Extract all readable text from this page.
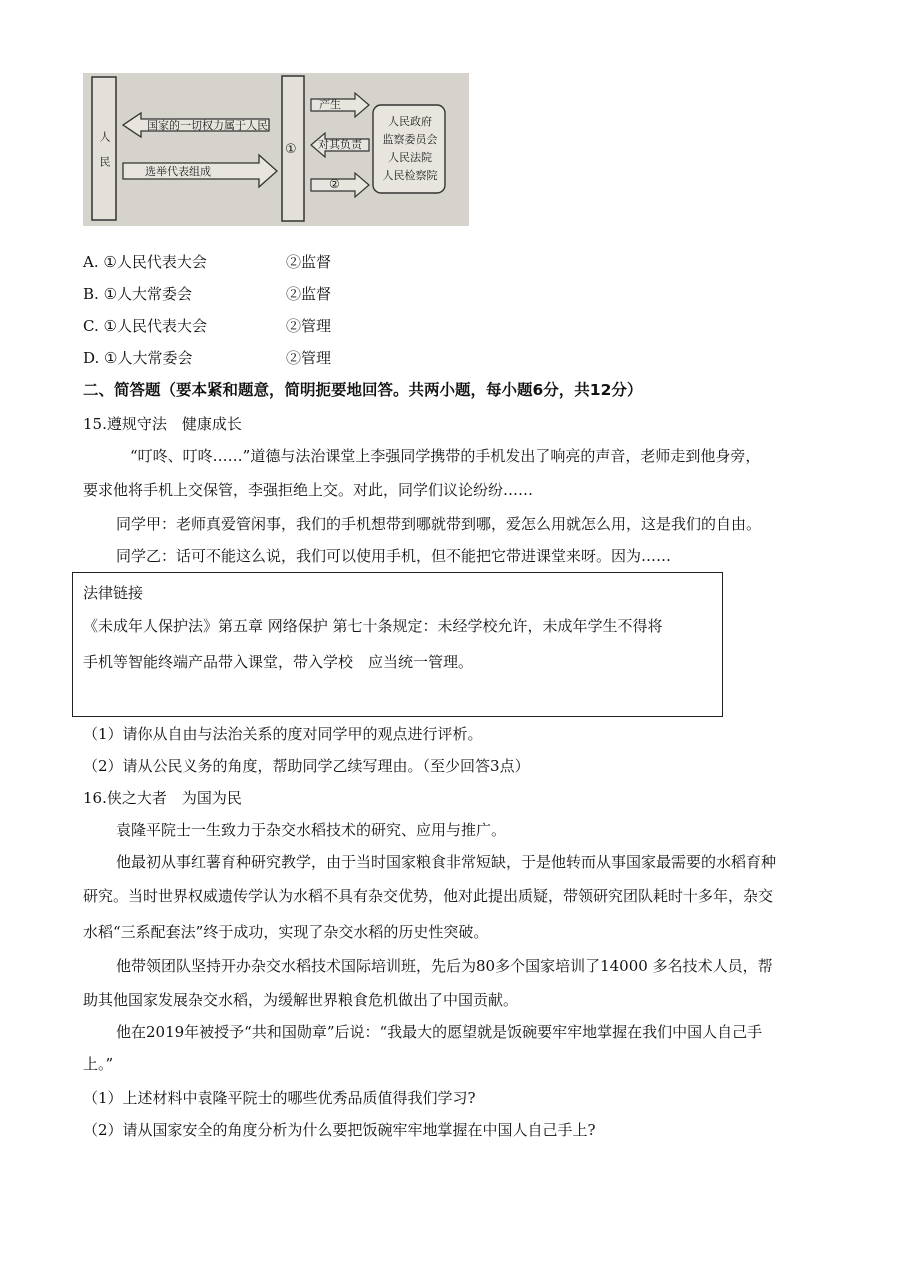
人民
国家的一切权力属于人民
选举代表组成
①
产生
对其负责
②
人民政府
监察委员会
人民法院
人民检察院
A. ①人民代表大会	②监督
B. ①人大常委会	②监督
C. ①人民代表大会	②管理
D. ①人大常委会	②管理
二、简答题（要本紧和题意，简明扼要地回答。共两小题，每小题6分，共12分）
15.遵规守法　健康成长
“叮咚、叮咚……”道德与法治课堂上李强同学携带的手机发出了响亮的声音，老师走到他身旁，
要求他将手机上交保管，李强拒绝上交。对此，同学们议论纷纷……
同学甲：老师真爱管闲事，我们的手机想带到哪就带到哪，爱怎么用就怎么用，这是我们的自由。
同学乙：话可不能这么说，我们可以使用手机，但不能把它带进课堂来呀。因为……
法律链接
《未成年人保护法》第五章 网络保护 第七十条规定：未经学校允许，未成年学生不得将
手机等智能终端产品带入课堂，带入学校　应当统一管理。
（1）请你从自由与法治关系的度对同学甲的观点进行评析。
（2）请从公民义务的角度，帮助同学乙续写理由。（至少回答3点）
16.侠之大者　为国为民
袁隆平院士一生致力于杂交水稻技术的研究、应用与推广。
他最初从事红薯育种研究教学，由于当时国家粮食非常短缺，于是他转而从事国家最需要的水稻育种
研究。当时世界权威遗传学认为水稻不具有杂交优势，他对此提出质疑，带领研究团队耗时十多年，杂交
水稻“三系配套法”终于成功，实现了杂交水稻的历史性突破。
他带领团队坚持开办杂交水稻技术国际培训班，先后为80多个国家培训了14000 多名技术人员，帮
助其他国家发展杂交水稻，为缓解世界粮食危机做出了中国贡献。
他在2019年被授予“共和国勋章”后说：“我最大的愿望就是饭碗要牢牢地掌握在我们中国人自己手
上。”
（1）上述材料中袁隆平院士的哪些优秀品质值得我们学习?
（2）请从国家安全的角度分析为什么要把饭碗牢牢地掌握在中国人自己手上?
